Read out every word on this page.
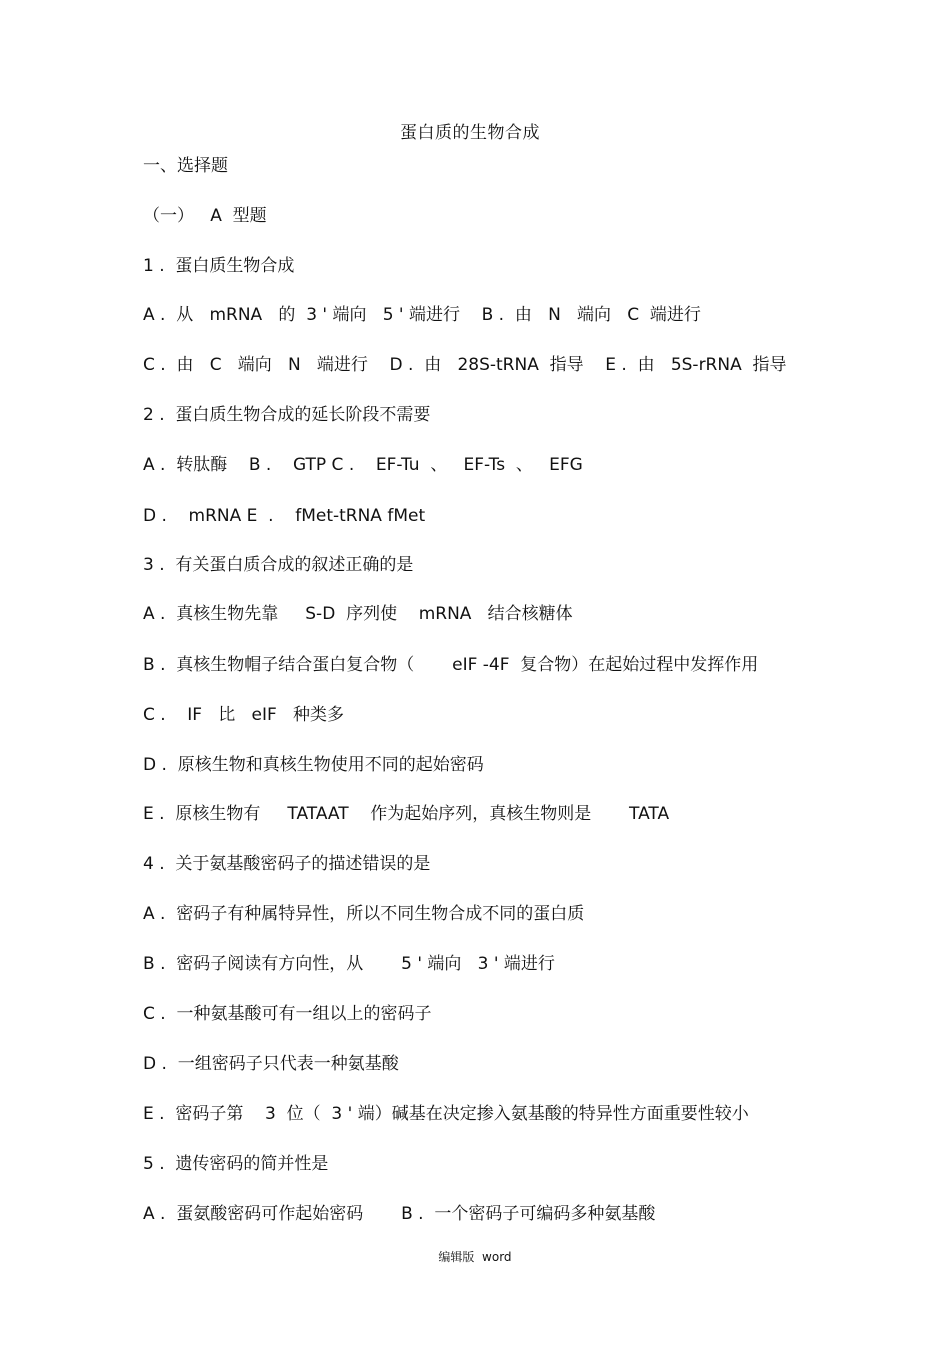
蛋白质的生物合成
一、选择题
（一）   A  型题
1 .  蛋白质生物合成
A .  从   mRNA   的  3 ' 端向   5 ' 端进行    B .  由   N   端向   C  端进行
C .  由   C   端向   N   端进行    D .  由   28S-tRNA  指导    E .  由   5S-rRNA  指导
2 .  蛋白质生物合成的延长阶段不需要
A .  转肽酶    B .    GTP C .    EF-Tu  、   EF-Ts  、   EFG
D .    mRNA E  .    fMet-tRNA fMet
3 .  有关蛋白质合成的叙述正确的是
A .  真核生物先靠     S-D  序列使    mRNA   结合核糖体
B .  真核生物帽子结合蛋白复合物（       eIF -4F  复合物）在起始过程中发挥作用
C .    IF   比   eIF   种类多
D .  原核生物和真核生物使用不同的起始密码
E .  原核生物有     TATAAT    作为起始序列，真核生物则是       TATA
4 .  关于氨基酸密码子的描述错误的是
A .  密码子有种属特异性，所以不同生物合成不同的蛋白质
B .  密码子阅读有方向性，从       5 ' 端向   3 ' 端进行
C .  一种氨基酸可有一组以上的密码子
D .  一组密码子只代表一种氨基酸
E .  密码子第    3  位（  3 ' 端）碱基在决定掺入氨基酸的特异性方面重要性较小
5 .  遗传密码的简并性是
A .  蛋氨酸密码可作起始密码       B .  一个密码子可编码多种氨基酸
编辑版  word
